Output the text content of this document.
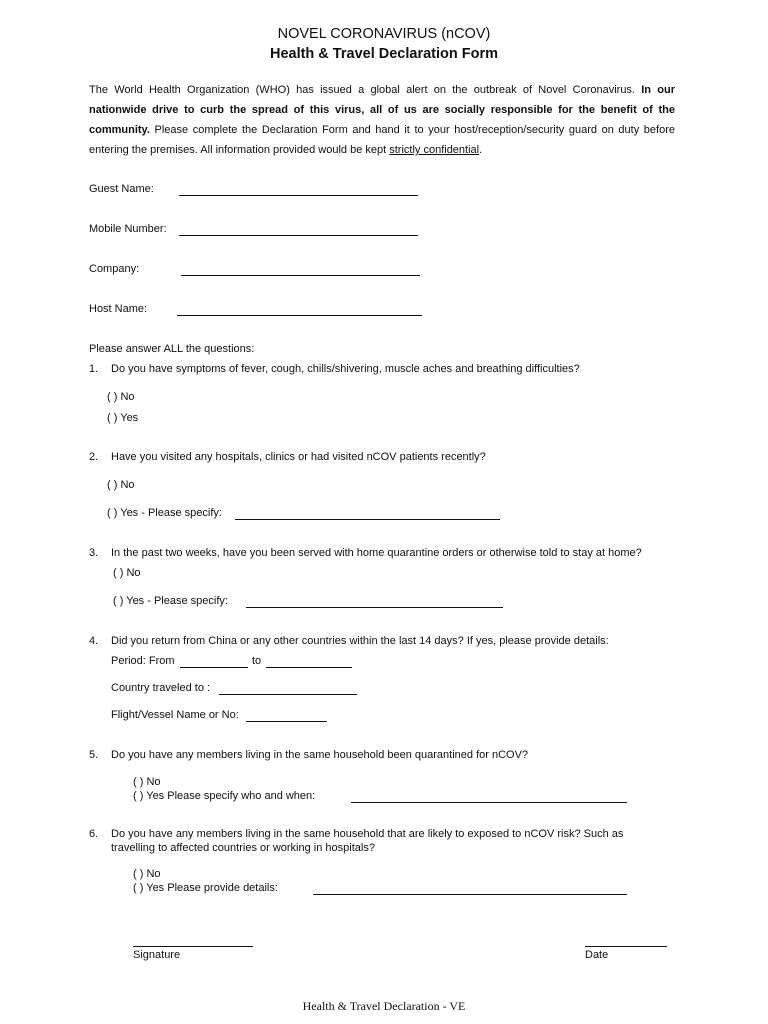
NOVEL CORONAVIRUS (nCOV)
Health & Travel Declaration Form
The World Health Organization (WHO) has issued a global alert on the outbreak of Novel Coronavirus. In our nationwide drive to curb the spread of this virus, all of us are socially responsible for the benefit of the community. Please complete the Declaration Form and hand it to your host/reception/security guard on duty before entering the premises. All information provided would be kept strictly confidential.
Guest Name:
Mobile Number:
Company:
Host Name:
Please answer ALL the questions:
1. Do you have symptoms of fever, cough, chills/shivering, muscle aches and breathing difficulties?
( ) No
( ) Yes
2. Have you visited any hospitals, clinics or had visited nCOV patients recently?
( ) No
( ) Yes - Please specify:
3. In the past two weeks, have you been served with home quarantine orders or otherwise told to stay at home?
( ) No
( ) Yes - Please specify:
4. Did you return from China or any other countries within the last 14 days? If yes, please provide details:
Period: From	to
Country traveled to :
Flight/Vessel Name or No:
5. Do you have any members living in the same household been quarantined for nCOV?
( ) No
( ) Yes Please specify who and when:
6.	Do you have any members living in the same household that are likely to exposed to nCOV risk? Such as
travelling to affected countries or working in hospitals?
( ) No
( ) Yes Please provide details:
Signature	Date
Health & Travel Declaration - VE
